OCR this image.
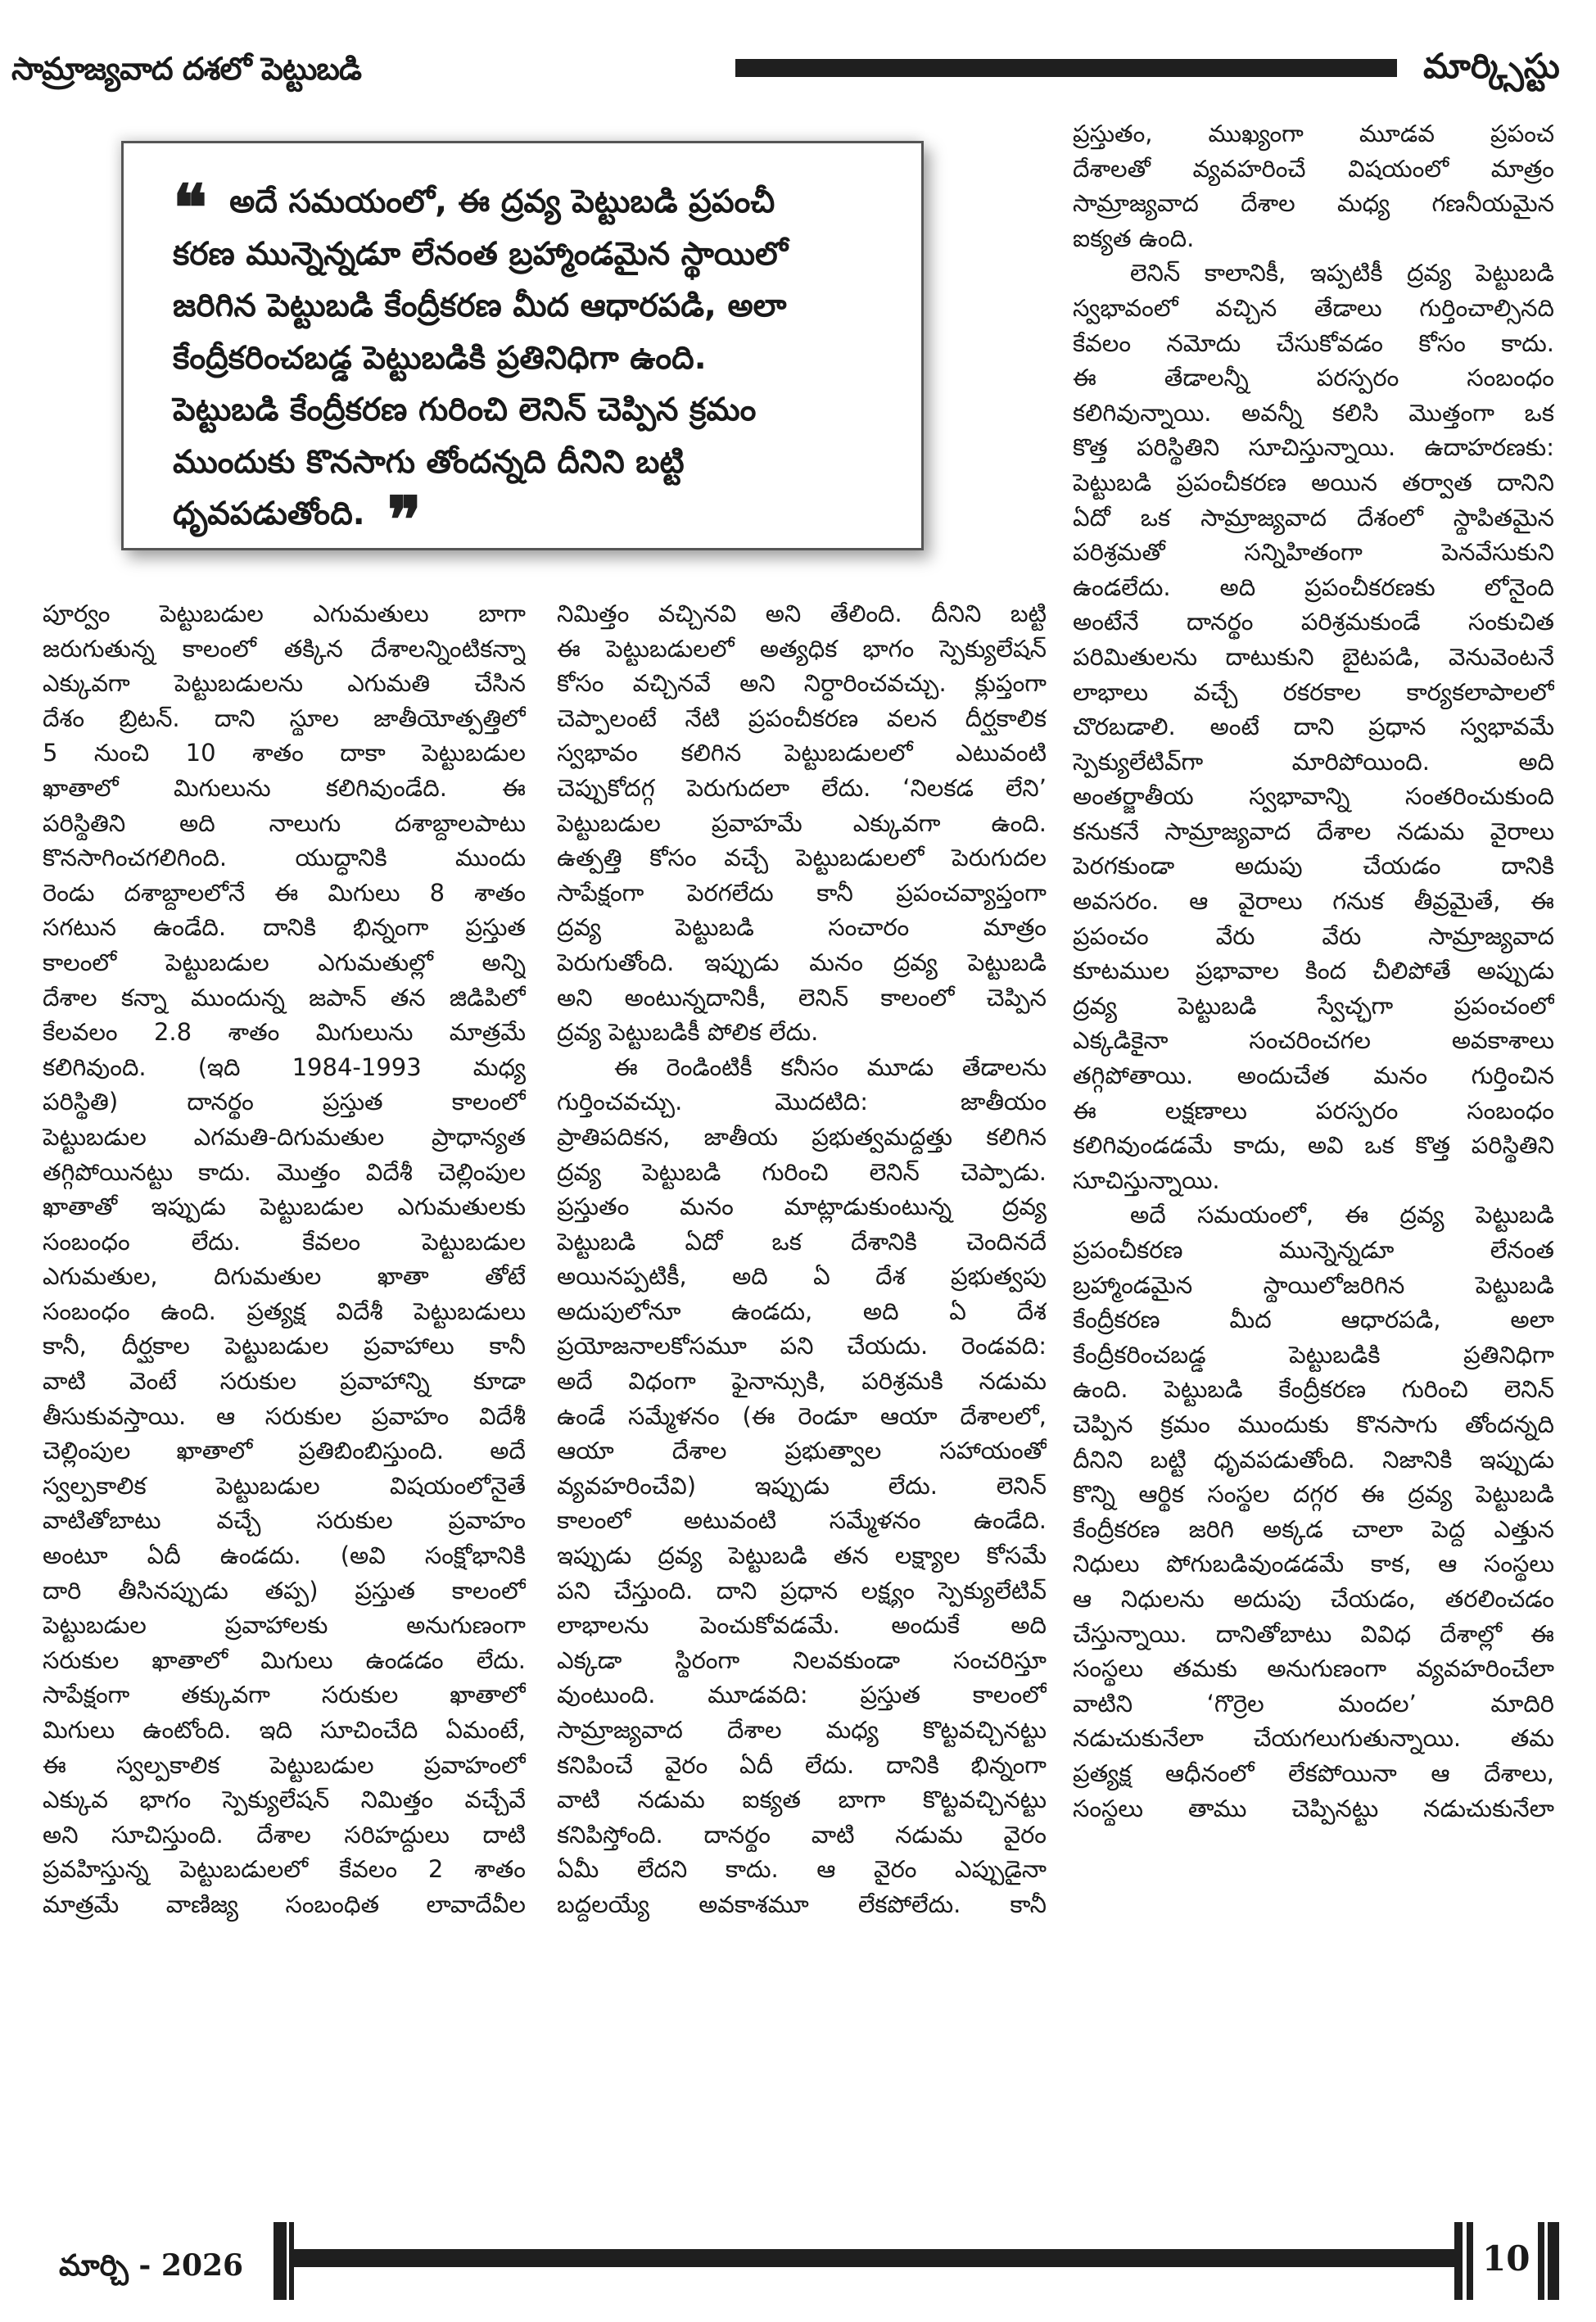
సామ్రాజ్యవాద దశలో పెట్టుబడి	మార్క్సిస్టు
❝ అదే సమయంలో, ఈ ద్రవ్య పెట్టుబడి ప్రపంచీ
కరణ మున్నెన్నడూ లేనంత బ్రహ్మాండమైన స్థాయిలో
జరిగిన పెట్టుబడి కేంద్రీకరణ మీద ఆధారపడి, అలా
కేంద్రీకరించబడ్డ పెట్టుబడికి ప్రతినిధిగా ఉంది.
పెట్టుబడి కేంద్రీకరణ గురించి లెనిన్ చెప్పిన క్రమం
ముందుకు కొనసాగు తోందన్నది దీనిని బట్టి
ధృవపడుతోంది. ❞
పూర్వం పెట్టుబడుల ఎగుమతులు బాగా
జరుగుతున్న కాలంలో తక్కిన దేశాలన్నింటికన్నా
ఎక్కువగా పెట్టుబడులను ఎగుమతి చేసిన
దేశం బ్రిటన్. దాని స్థూల జాతీయోత్పత్తిలో
5 నుంచి 10 శాతం దాకా పెట్టుబడుల
ఖాతాలో మిగులును కలిగివుండేది. ఈ
పరిస్థితిని అది నాలుగు దశాబ్దాలపాటు
కొనసాగించగలిగింది. యుద్ధానికి ముందు
రెండు దశాబ్దాలలోనే ఈ మిగులు 8 శాతం
సగటున ఉండేది. దానికి భిన్నంగా ప్రస్తుత
కాలంలో పెట్టుబడుల ఎగుమతుల్లో అన్ని
దేశాల కన్నా ముందున్న జపాన్ తన జిడిపిలో
కేలవలం 2.8 శాతం మిగులును మాత్రమే
కలిగివుంది. (ఇది 1984-1993 మధ్య
పరిస్థితి) దానర్థం ప్రస్తుత కాలంలో
పెట్టుబడుల ఎగమతి-దిగుమతుల ప్రాధాన్యత
తగ్గిపోయినట్టు కాదు. మొత్తం విదేశీ చెల్లింపుల
ఖాతాతో ఇప్పుడు పెట్టుబడుల ఎగుమతులకు
సంబంధం లేదు. కేవలం పెట్టుబడుల
ఎగుమతుల, దిగుమతుల ఖాతా తోటే
సంబంధం ఉంది. ప్రత్యక్ష విదేశీ పెట్టుబడులు
కానీ, దీర్ఘకాల పెట్టుబడుల ప్రవాహాలు కానీ
వాటి వెంటే సరుకుల ప్రవాహాన్ని కూడా
తీసుకువస్తాయి. ఆ సరుకుల ప్రవాహం విదేశీ
చెల్లింపుల ఖాతాలో ప్రతిబింబిస్తుంది. అదే
స్వల్పకాలిక పెట్టుబడుల విషయంలోనైతే
వాటితోబాటు వచ్చే సరుకుల ప్రవాహం
అంటూ ఏదీ ఉండదు. (అవి సంక్షోభానికి
దారి తీసినప్పుడు తప్ప) ప్రస్తుత కాలంలో
పెట్టుబడుల ప్రవాహాలకు అనుగుణంగా
సరుకుల ఖాతాలో మిగులు ఉండడం లేదు.
సాపేక్షంగా తక్కువగా సరుకుల ఖాతాలో
మిగులు ఉంటోంది. ఇది సూచించేది ఏమంటే,
ఈ స్వల్పకాలిక పెట్టుబడుల ప్రవాహంలో
ఎక్కువ భాగం స్పెక్యులేషన్ నిమిత్తం వచ్చేవే
అని సూచిస్తుంది. దేశాల సరిహద్దులు దాటి
ప్రవహిస్తున్న పెట్టుబడులలో కేవలం 2 శాతం
మాత్రమే వాణిజ్య సంబంధిత లావాదేవీల
నిమిత్తం వచ్చినవి అని తేలింది. దీనిని బట్టి
ఈ పెట్టుబడులలో అత్యధిక భాగం స్పెక్యులేషన్
కోసం వచ్చినవే అని నిర్ధారించవచ్చు. క్లుప్తంగా
చెప్పాలంటే నేటి ప్రపంచీకరణ వలన దీర్ఘకాలిక
స్వభావం కలిగిన పెట్టుబడులలో ఎటువంటి
చెప్పుకోదగ్గ పెరుగుదలా లేదు. ‘నిలకడ లేని’
పెట్టుబడుల ప్రవాహమే ఎక్కువగా ఉంది.
ఉత్పత్తి కోసం వచ్చే పెట్టుబడులలో పెరుగుదల
సాపేక్షంగా పెరగలేదు కానీ ప్రపంచవ్యాప్తంగా
ద్రవ్య పెట్టుబడి సంచారం మాత్రం
పెరుగుతోంది. ఇప్పుడు మనం ద్రవ్య పెట్టుబడి
అని అంటున్నదానికీ, లెనిన్ కాలంలో చెప్పిన
ద్రవ్య పెట్టుబడికీ పోలిక లేదు.
ఈ రెండింటికీ కనీసం మూడు తేడాలను
గుర్తించవచ్చు. మొదటిది: జాతీయం
ప్రాతిపదికన, జాతీయ ప్రభుత్వమద్దత్తు కలిగిన
ద్రవ్య పెట్టుబడి గురించి లెనిన్ చెప్పాడు.
ప్రస్తుతం మనం మాట్లాడుకుంటున్న ద్రవ్య
పెట్టుబడి ఏదో ఒక దేశానికి చెందినదే
అయినప్పటికీ, అది ఏ దేశ ప్రభుత్వపు
అదుపులోనూ ఉండదు, అది ఏ దేశ
ప్రయోజనాలకోసమూ పని చేయదు. రెండవది:
అదే విధంగా ఫైనాన్సుకి, పరిశ్రమకి నడుమ
ఉండే సమ్మేళనం (ఈ రెండూ ఆయా దేశాలలో,
ఆయా దేశాల ప్రభుత్వాల సహాయంతో
వ్యవహరించేవి) ఇప్పుడు లేదు. లెనిన్
కాలంలో అటువంటి సమ్మేళనం ఉండేది.
ఇప్పుడు ద్రవ్య పెట్టుబడి తన లక్ష్యాల కోసమే
పని చేస్తుంది. దాని ప్రధాన లక్ష్యం స్పెక్యులేటివ్
లాభాలను పెంచుకోవడమే. అందుకే అది
ఎక్కడా స్థిరంగా నిలవకుండా సంచరిస్తూ
వుంటుంది. మూడవది: ప్రస్తుత కాలంలో
సామ్రాజ్యవాద దేశాల మధ్య కొట్టవచ్చినట్టు
కనిపించే వైరం ఏదీ లేదు. దానికి భిన్నంగా
వాటి నడుమ ఐక్యత బాగా కొట్టవచ్చినట్టు
కనిపిస్తోంది. దానర్థం వాటి నడుమ వైరం
ఏమీ లేదని కాదు. ఆ వైరం ఎప్పుడైనా
బద్దలయ్యే అవకాశమూ లేకపోలేదు. కానీ
ప్రస్తుతం, ముఖ్యంగా మూడవ ప్రపంచ
దేశాలతో వ్యవహరించే విషయంలో మాత్రం
సామ్రాజ్యవాద దేశాల మధ్య గణనీయమైన
ఐక్యత ఉంది.
లెనిన్ కాలానికీ, ఇప్పటికీ ద్రవ్య పెట్టుబడి
స్వభావంలో వచ్చిన తేడాలు గుర్తించాల్సినది
కేవలం నమోదు చేసుకోవడం కోసం కాదు.
ఈ తేడాలన్నీ పరస్పరం సంబంధం
కలిగివున్నాయి. అవన్నీ కలిసి మొత్తంగా ఒక
కొత్త పరిస్థితిని సూచిస్తున్నాయి. ఉదాహరణకు:
పెట్టుబడి ప్రపంచీకరణ అయిన తర్వాత దానిని
ఏదో ఒక సామ్రాజ్యవాద దేశంలో స్థాపితమైన
పరిశ్రమతో సన్నిహితంగా పెనవేసుకుని
ఉండలేదు. అది ప్రపంచీకరణకు లోనైంది
అంటేనే దానర్థం పరిశ్రమకుండే సంకుచిత
పరిమితులను దాటుకుని బైటపడి, వెనువెంటనే
లాభాలు వచ్చే రకరకాల కార్యకలాపాలలో
చొరబడాలి. అంటే దాని ప్రధాన స్వభావమే
స్పెక్యులేటివ్‌గా మారిపోయింది. అది
అంతర్జాతీయ స్వభావాన్ని సంతరించుకుంది
కనుకనే సామ్రాజ్యవాద దేశాల నడుమ వైరాలు
పెరగకుండా అదుపు చేయడం దానికి
అవసరం. ఆ వైరాలు గనుక తీవ్రమైతే, ఈ
ప్రపంచం వేరు వేరు సామ్రాజ్యవాద
కూటముల ప్రభావాల కింద చీలిపోతే అప్పుడు
ద్రవ్య పెట్టుబడి స్వేచ్ఛగా ప్రపంచంలో
ఎక్కడికైనా సంచరించగల అవకాశాలు
తగ్గిపోతాయి. అందుచేత మనం గుర్తించిన
ఈ లక్షణాలు పరస్పరం సంబంధం
కలిగివుండడమే కాదు, అవి ఒక కొత్త పరిస్థితిని
సూచిస్తున్నాయి.
అదే సమయంలో, ఈ ద్రవ్య పెట్టుబడి
ప్రపంచీకరణ మున్నెన్నడూ లేనంత
బ్రహ్మాండమైన స్థాయిలోజరిగిన పెట్టుబడి
కేంద్రీకరణ మీద ఆధారపడి, అలా
కేంద్రీకరించబడ్డ పెట్టుబడికి ప్రతినిధిగా
ఉంది. పెట్టుబడి కేంద్రీకరణ గురించి లెనిన్
చెప్పిన క్రమం ముందుకు కొనసాగు తోందన్నది
దీనిని బట్టి ధృవపడుతోంది. నిజానికి ఇప్పుడు
కొన్ని ఆర్థిక సంస్థల దగ్గర ఈ ద్రవ్య పెట్టుబడి
కేంద్రీకరణ జరిగి అక్కడ చాలా పెద్ద ఎత్తున
నిధులు పోగుబడివుండడమే కాక, ఆ సంస్థలు
ఆ నిధులను అదుపు చేయడం, తరలించడం
చేస్తున్నాయి. దానితోబాటు వివిధ దేశాల్లో ఈ
సంస్థలు తమకు అనుగుణంగా వ్యవహరించేలా
వాటిని ‘గొర్రెల మందల’ మాదిరి
నడుచుకునేలా చేయగలుగుతున్నాయి. తమ
ప్రత్యక్ష ఆధీనంలో లేకపోయినా ఆ దేశాలు,
సంస్థలు తాము చెప్పినట్టు నడుచుకునేలా
మార్చి - 2026	10
